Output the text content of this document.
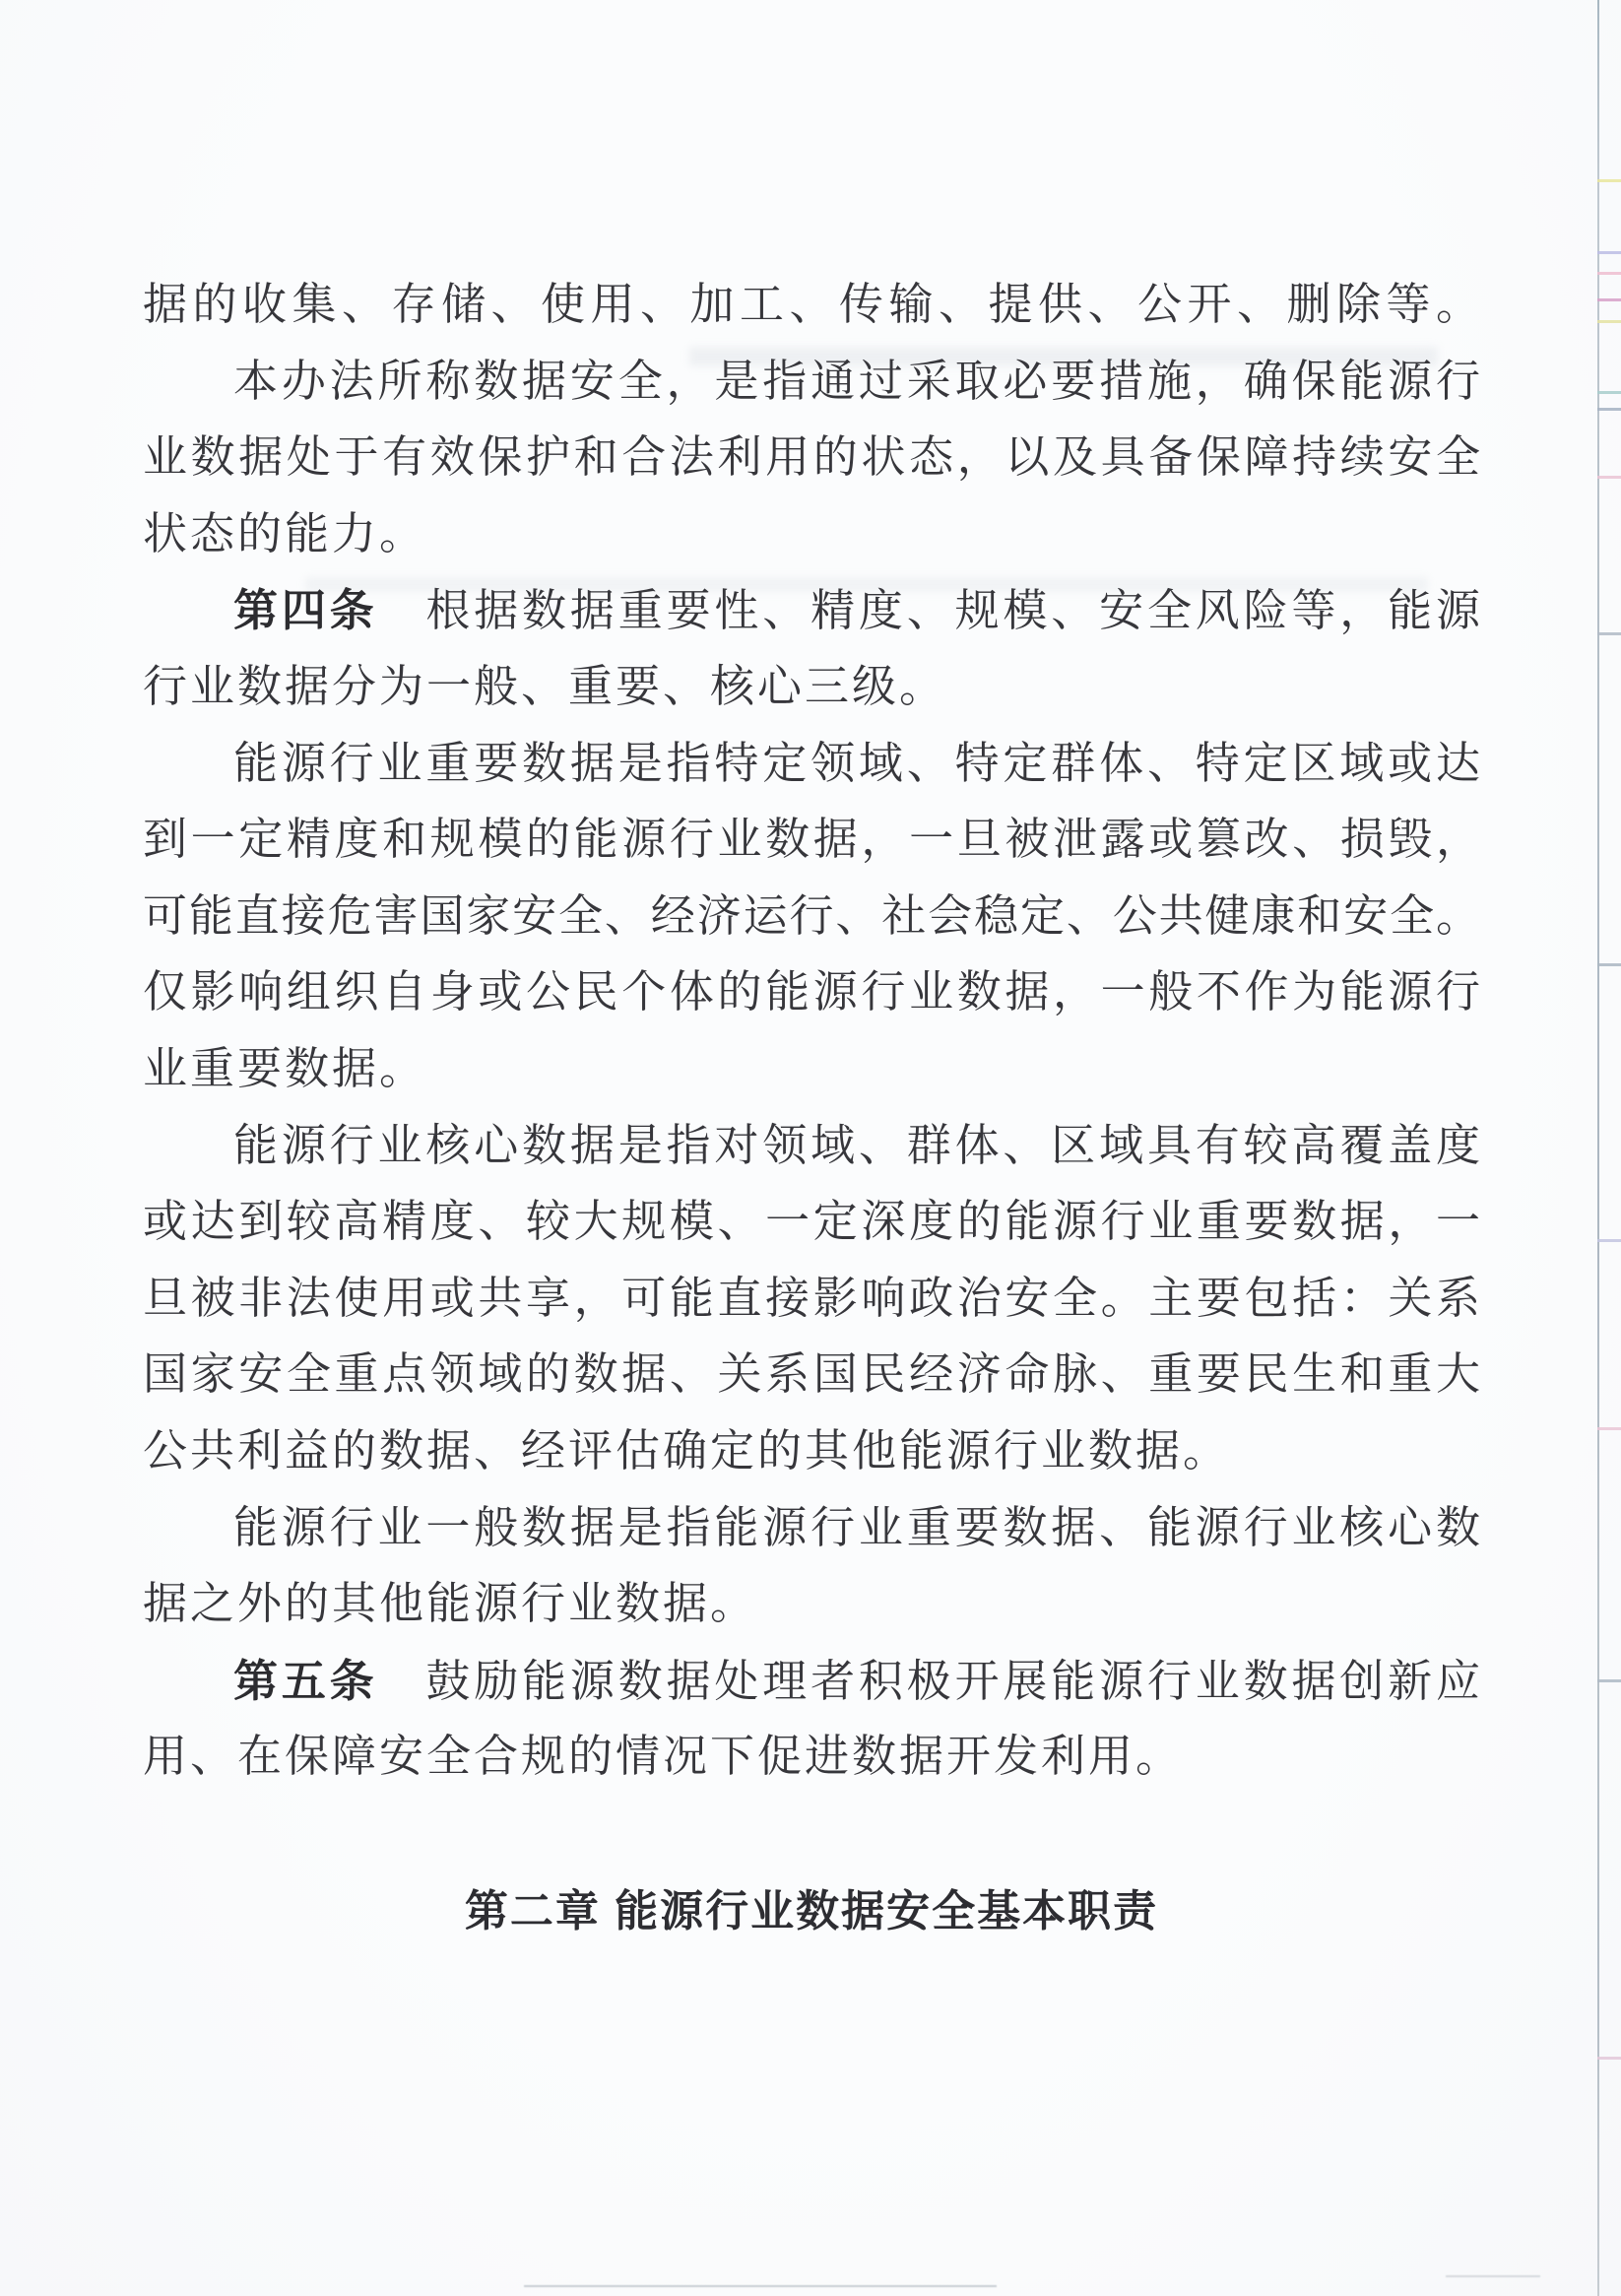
据的收集、存储、使用、加工、传输、提供、公开、删除等。
本办法所称数据安全，是指通过采取必要措施，确保能源行
业数据处于有效保护和合法利用的状态，以及具备保障持续安全
状态的能力。
第四条　根据数据重要性、精度、规模、安全风险等，能源
行业数据分为一般、重要、核心三级。
能源行业重要数据是指特定领域、特定群体、特定区域或达
到一定精度和规模的能源行业数据，一旦被泄露或篡改、损毁，
可能直接危害国家安全、经济运行、社会稳定、公共健康和安全。
仅影响组织自身或公民个体的能源行业数据，一般不作为能源行
业重要数据。
能源行业核心数据是指对领域、群体、区域具有较高覆盖度
或达到较高精度、较大规模、一定深度的能源行业重要数据，一
旦被非法使用或共享，可能直接影响政治安全。主要包括：关系
国家安全重点领域的数据、关系国民经济命脉、重要民生和重大
公共利益的数据、经评估确定的其他能源行业数据。
能源行业一般数据是指能源行业重要数据、能源行业核心数
据之外的其他能源行业数据。
第五条　鼓励能源数据处理者积极开展能源行业数据创新应
用、在保障安全合规的情况下促进数据开发利用。
第二章 能源行业数据安全基本职责
